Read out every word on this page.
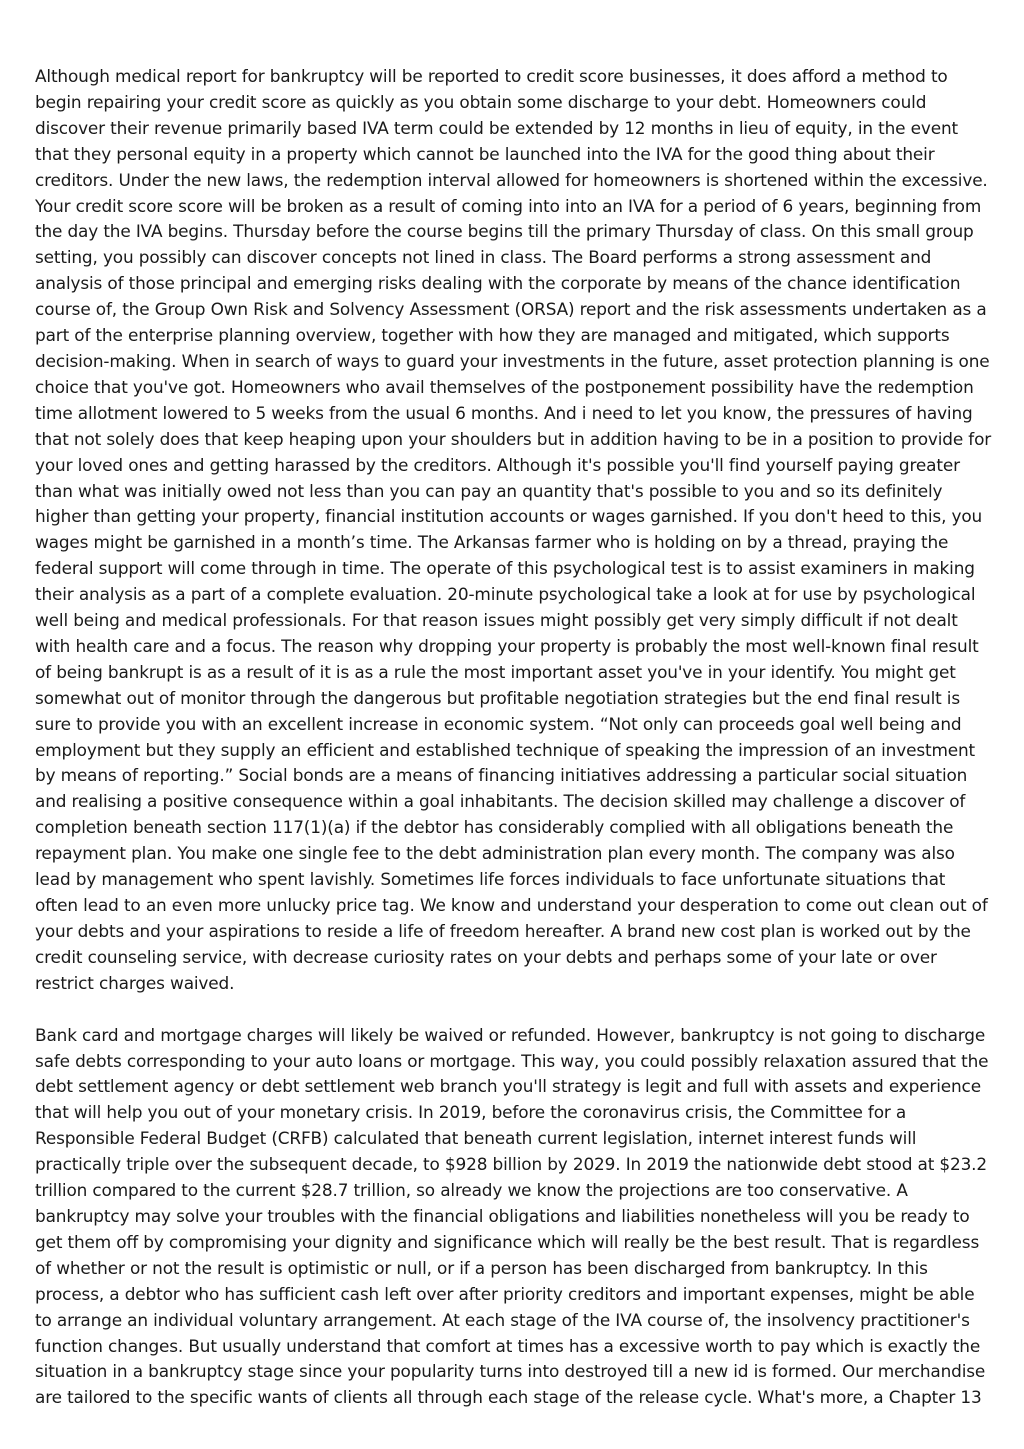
Although medical report for bankruptcy will be reported to credit score businesses, it does afford a method to begin repairing your credit score as quickly as you obtain some discharge to your debt. Homeowners could discover their revenue primarily based IVA term could be extended by 12 months in lieu of equity, in the event that they personal equity in a property which cannot be launched into the IVA for the good thing about their creditors. Under the new laws, the redemption interval allowed for homeowners is shortened within the excessive. Your credit score score will be broken as a result of coming into into an IVA for a period of 6 years, beginning from the day the IVA begins. Thursday before the course begins till the primary Thursday of class. On this small group setting, you possibly can discover concepts not lined in class. The Board performs a strong assessment and analysis of those principal and emerging risks dealing with the corporate by means of the chance identification course of, the Group Own Risk and Solvency Assessment (ORSA) report and the risk assessments undertaken as a part of the enterprise planning overview, together with how they are managed and mitigated, which supports decision-making. When in search of ways to guard your investments in the future, asset protection planning is one choice that you've got. Homeowners who avail themselves of the postponement possibility have the redemption time allotment lowered to 5 weeks from the usual 6 months. And i need to let you know, the pressures of having that not solely does that keep heaping upon your shoulders but in addition having to be in a position to provide for your loved ones and getting harassed by the creditors. Although it's possible you'll find yourself paying greater than what was initially owed not less than you can pay an quantity that's possible to you and so its definitely higher than getting your property, financial institution accounts or wages garnished. If you don't heed to this, you wages might be garnished in a month’s time. The Arkansas farmer who is holding on by a thread, praying the federal support will come through in time. The operate of this psychological test is to assist examiners in making their analysis as a part of a complete evaluation. 20-minute psychological take a look at for use by psychological well being and medical professionals. For that reason issues might possibly get very simply difficult if not dealt with health care and a focus. The reason why dropping your property is probably the most well-known final result of being bankrupt is as a result of it is as a rule the most important asset you've in your identify. You might get somewhat out of monitor through the dangerous but profitable negotiation strategies but the end final result is sure to provide you with an excellent increase in economic system. “Not only can proceeds goal well being and employment but they supply an efficient and established technique of speaking the impression of an investment by means of reporting.” Social bonds are a means of financing initiatives addressing a particular social situation and realising a positive consequence within a goal inhabitants. The decision skilled may challenge a discover of completion beneath section 117(1)(a) if the debtor has considerably complied with all obligations beneath the repayment plan. You make one single fee to the debt administration plan every month. The company was also lead by management who spent lavishly. Sometimes life forces individuals to face unfortunate situations that often lead to an even more unlucky price tag. We know and understand your desperation to come out clean out of your debts and your aspirations to reside a life of freedom hereafter. A brand new cost plan is worked out by the credit counseling service, with decrease curiosity rates on your debts and perhaps some of your late or over restrict charges waived.

Bank card and mortgage charges will likely be waived or refunded. However, bankruptcy is not going to discharge safe debts corresponding to your auto loans or mortgage. This way, you could possibly relaxation assured that the debt settlement agency or debt settlement web branch you'll strategy is legit and full with assets and experience that will help you out of your monetary crisis. In 2019, before the coronavirus crisis, the Committee for a Responsible Federal Budget (CRFB) calculated that beneath current legislation, internet interest funds will practically triple over the subsequent decade, to $928 billion by 2029. In 2019 the nationwide debt stood at $23.2 trillion compared to the current $28.7 trillion, so already we know the projections are too conservative. A bankruptcy may solve your troubles with the financial obligations and liabilities nonetheless will you be ready to get them off by compromising your dignity and significance which will really be the best result. That is regardless of whether or not the result is optimistic or null, or if a person has been discharged from bankruptcy. In this process, a debtor who has sufficient cash left over after priority creditors and important expenses, might be able to arrange an individual voluntary arrangement. At each stage of the IVA course of, the insolvency practitioner's function changes. But usually understand that comfort at times has a excessive worth to pay which is exactly the situation in a bankruptcy stage since your popularity turns into destroyed till a new id is formed. Our merchandise are tailored to the specific wants of clients all through each stage of the release cycle. What's more, a Chapter 13
